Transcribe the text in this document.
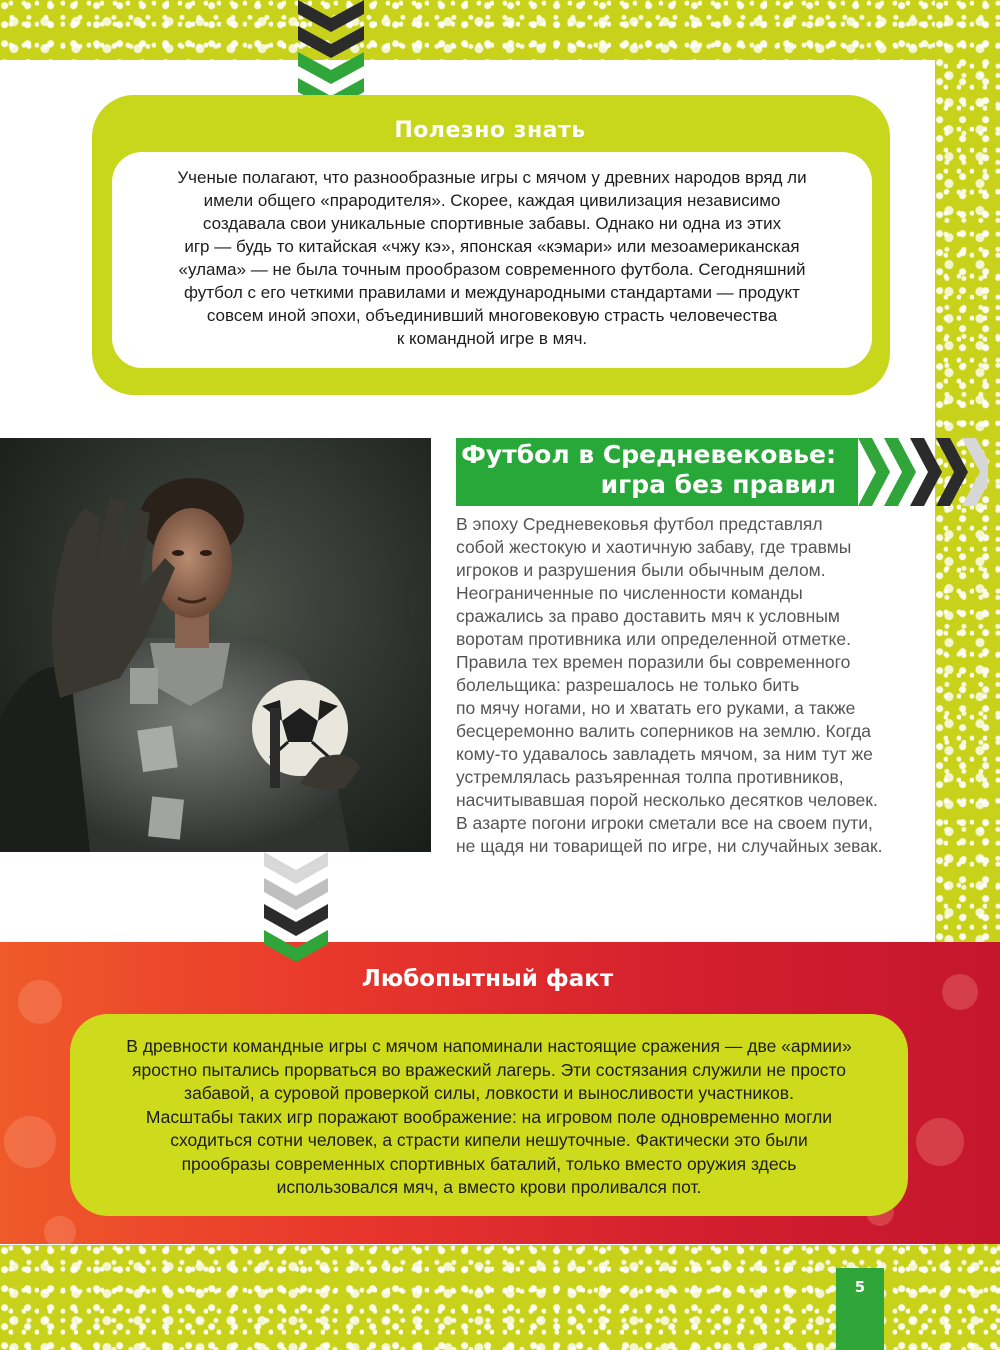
Полезно знать
Ученые полагают, что разнообразные игры с мячом у древних народов вряд ли
имели общего «прародителя». Скорее, каждая цивилизация независимо
создавала свои уникальные спортивные забавы. Однако ни одна из этих
игр — будь то китайская «чжу кэ», японская «кэмари» или мезоамериканская
«улама» — не была точным прообразом современного футбола. Сегодняшний
футбол с его четкими правилами и международными стандартами — продукт
совсем иной эпохи, объединивший многовековую страсть человечества
к командной игре в мяч.
Футбол в Средневековье:
игра без правил
В эпоху Средневековья футбол представлял
собой жестокую и хаотичную забаву, где травмы
игроков и разрушения были обычным делом.
Неограниченные по численности команды
сражались за право доставить мяч к условным
воротам противника или определенной отметке.
Правила тех времен поразили бы современного
болельщика: разрешалось не только бить
по мячу ногами, но и хватать его руками, а также
бесцеремонно валить соперников на землю. Когда
кому-то удавалось завладеть мячом, за ним тут же
устремлялась разъяренная толпа противников,
насчитывавшая порой несколько десятков человек.
В азарте погони игроки сметали все на своем пути,
не щадя ни товарищей по игре, ни случайных зевак.
Любопытный факт
В древности командные игры с мячом напоминали настоящие сражения — две «армии»
яростно пытались прорваться во вражеский лагерь. Эти состязания служили не просто
забавой, а суровой проверкой силы, ловкости и выносливости участников.
Масштабы таких игр поражают воображение: на игровом поле одновременно могли
сходиться сотни человек, а страсти кипели нешуточные. Фактически это были
прообразы современных спортивных баталий, только вместо оружия здесь
использовался мяч, а вместо крови проливался пот.
5
